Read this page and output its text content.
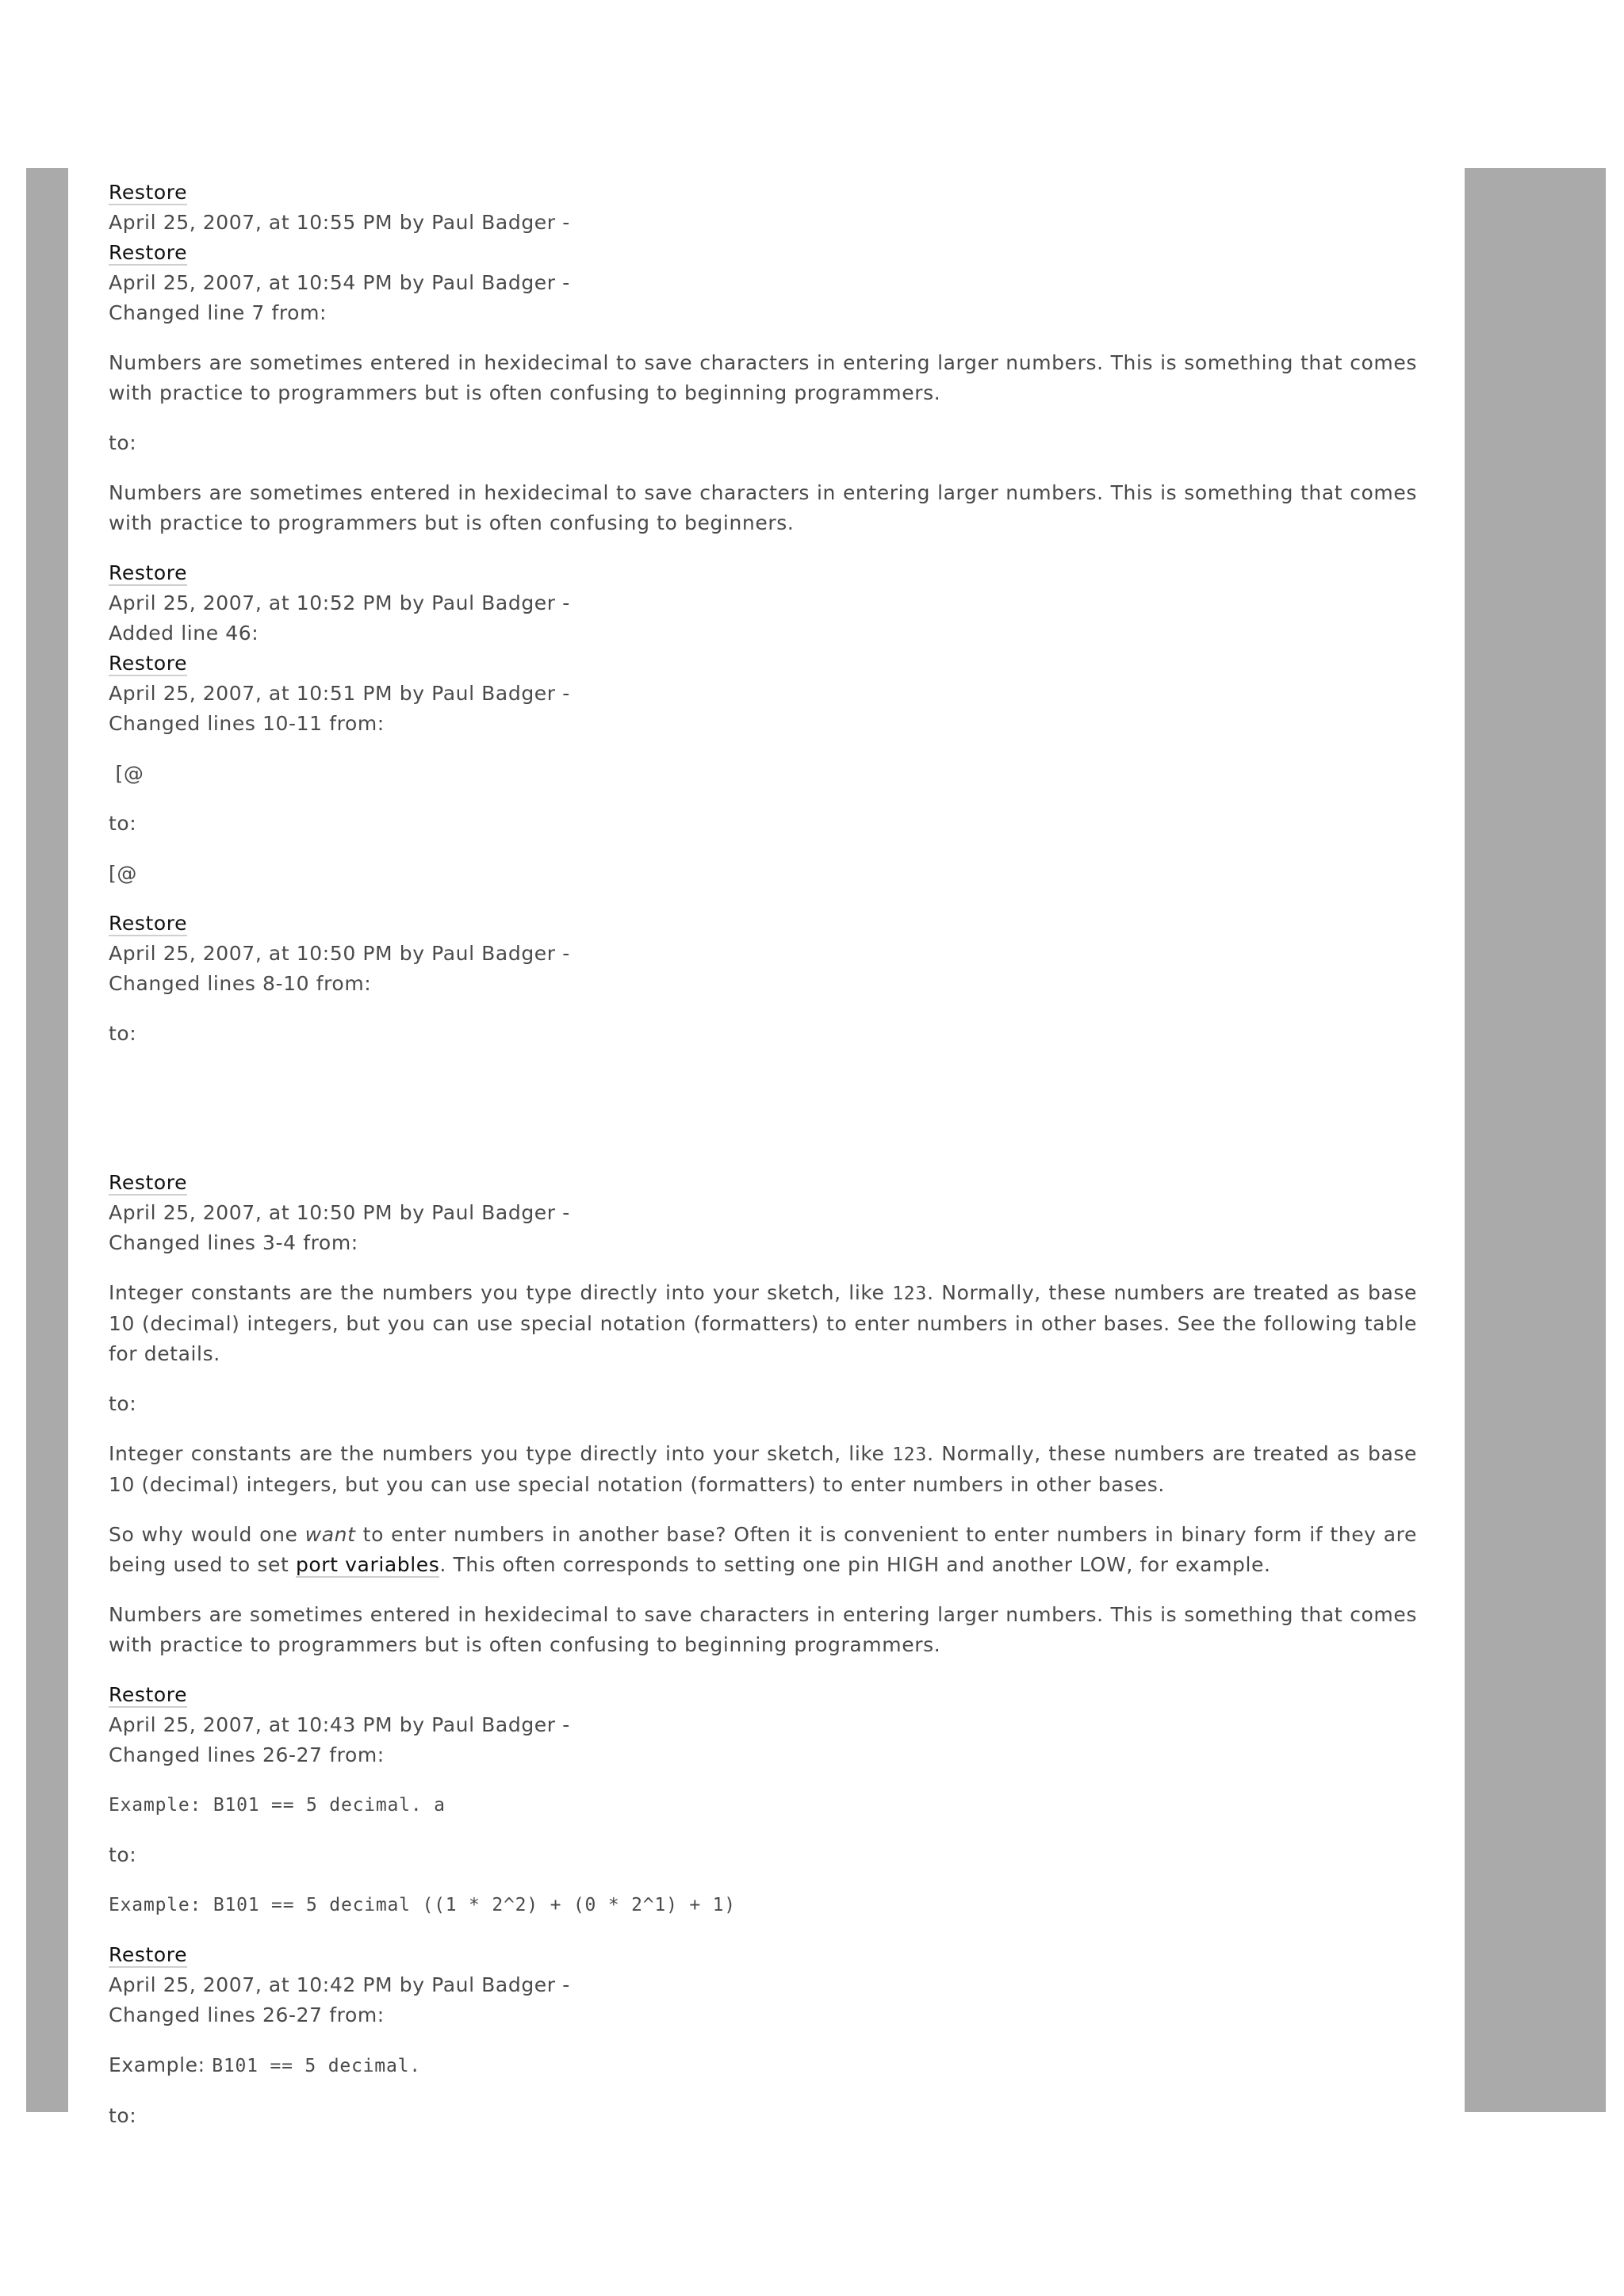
Restore

April 25, 2007, at 10:55 PM by Paul Badger -

Restore

April 25, 2007, at 10:54 PM by Paul Badger -

Changed line 7 from:

Numbers are sometimes entered in hexidecimal to save characters in entering larger numbers. This is something that comes with practice to programmers but is often confusing to beginning programmers.

to:

Numbers are sometimes entered in hexidecimal to save characters in entering larger numbers. This is something that comes with practice to programmers but is often confusing to beginners.

Restore

April 25, 2007, at 10:52 PM by Paul Badger -

Added line 46:

Restore

April 25, 2007, at 10:51 PM by Paul Badger -

Changed lines 10-11 from:

[@

to:

[@

Restore

April 25, 2007, at 10:50 PM by Paul Badger -

Changed lines 8-10 from:

to:

Restore

April 25, 2007, at 10:50 PM by Paul Badger -

Changed lines 3-4 from:

Integer constants are the numbers you type directly into your sketch, like 123. Normally, these numbers are treated as base 10 (decimal) integers, but you can use special notation (formatters) to enter numbers in other bases. See the following table for details.

to:

Integer constants are the numbers you type directly into your sketch, like 123. Normally, these numbers are treated as base 10 (decimal) integers, but you can use special notation (formatters) to enter numbers in other bases.

So why would one want to enter numbers in another base? Often it is convenient to enter numbers in binary form if they are being used to set port variables. This often corresponds to setting one pin HIGH and another LOW, for example.

Numbers are sometimes entered in hexidecimal to save characters in entering larger numbers. This is something that comes with practice to programmers but is often confusing to beginning programmers.

Restore

April 25, 2007, at 10:43 PM by Paul Badger -

Changed lines 26-27 from:

Example: B101 == 5 decimal. a

to:

Example: B101 == 5 decimal ((1 * 2^2) + (0 * 2^1) + 1)

Restore

April 25, 2007, at 10:42 PM by Paul Badger -

Changed lines 26-27 from:

Example: B101 == 5 decimal.

to:
